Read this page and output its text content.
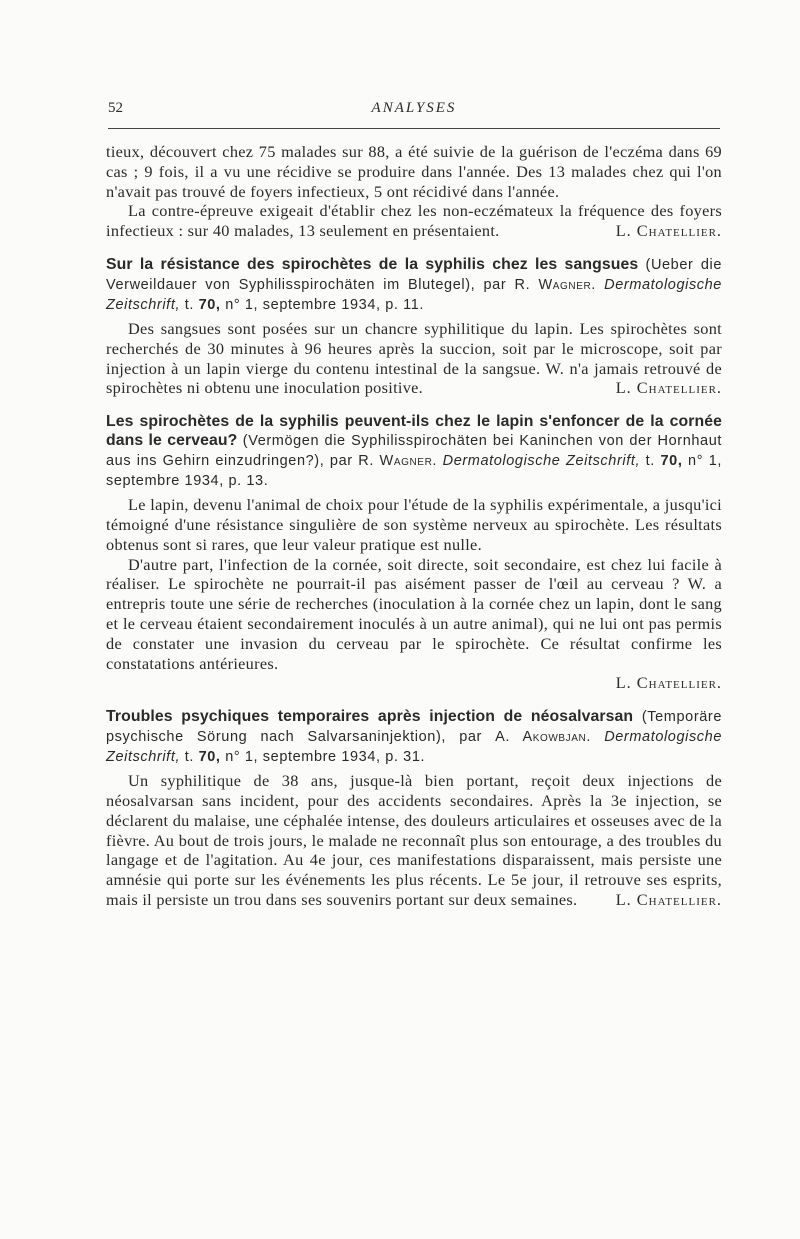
52	ANALYSES

tieux, découvert chez 75 malades sur 88, a été suivie de la guérison de l'eczéma dans 69 cas ; 9 fois, il a vu une récidive se produire dans l'année. Des 13 malades chez qui l'on n'avait pas trouvé de foyers infectieux, 5 ont récidivé dans l'année.

La contre-épreuve exigeait d'établir chez les non-eczémateux la fréquence des foyers infectieux : sur 40 malades, 13 seulement en présentaient.	L. Chatellier.

Sur la résistance des spirochètes de la syphilis chez les sangsues (Ueber die Verweildauer von Syphilisspirochäten im Blutegel), par R. Wagner. Dermatologische Zeitschrift, t. 70, n° 1, septembre 1934, p. 11.

Des sangsues sont posées sur un chancre syphilitique du lapin. Les spirochètes sont recherchés de 30 minutes à 96 heures après la succion, soit par le microscope, soit par injection à un lapin vierge du contenu intestinal de la sangsue. W. n'a jamais retrouvé de spirochètes ni obtenu une inoculation positive.	L. Chatellier.

Les spirochètes de la syphilis peuvent-ils chez le lapin s'enfoncer de la cornée dans le cerveau? (Vermögen die Syphilisspirochäten bei Kaninchen von der Hornhaut aus ins Gehirn einzudringen?), par R. Wagner. Dermatologische Zeitschrift, t. 70, n° 1, septembre 1934, p. 13.

Le lapin, devenu l'animal de choix pour l'étude de la syphilis expérimentale, a jusqu'ici témoigné d'une résistance singulière de son système nerveux au spirochète. Les résultats obtenus sont si rares, que leur valeur pratique est nulle.

D'autre part, l'infection de la cornée, soit directe, soit secondaire, est chez lui facile à réaliser. Le spirochète ne pourrait-il pas aisément passer de l'œil au cerveau ? W. a entrepris toute une série de recherches (inoculation à la cornée chez un lapin, dont le sang et le cerveau étaient secondairement inoculés à un autre animal), qui ne lui ont pas permis de constater une invasion du cerveau par le spirochète. Ce résultat confirme les constatations antérieures.

L. Chatellier.
Troubles psychiques temporaires après injection de néosalvarsan (Temporäre psychische Sörung nach Salvarsaninjektion), par A. Akowbjan. Dermatologische Zeitschrift, t. 70, n° 1, septembre 1934, p. 31.

Un syphilitique de 38 ans, jusque-là bien portant, reçoit deux injections de néosalvarsan sans incident, pour des accidents secondaires. Après la 3e injection, se déclarent du malaise, une céphalée intense, des douleurs articulaires et osseuses avec de la fièvre. Au bout de trois jours, le malade ne reconnaît plus son entourage, a des troubles du langage et de l'agitation. Au 4e jour, ces manifestations disparaissent, mais persiste une amnésie qui porte sur les événements les plus récents. Le 5e jour, il retrouve ses esprits, mais il persiste un trou dans ses souvenirs portant sur deux semaines.	L. Chatellier.
